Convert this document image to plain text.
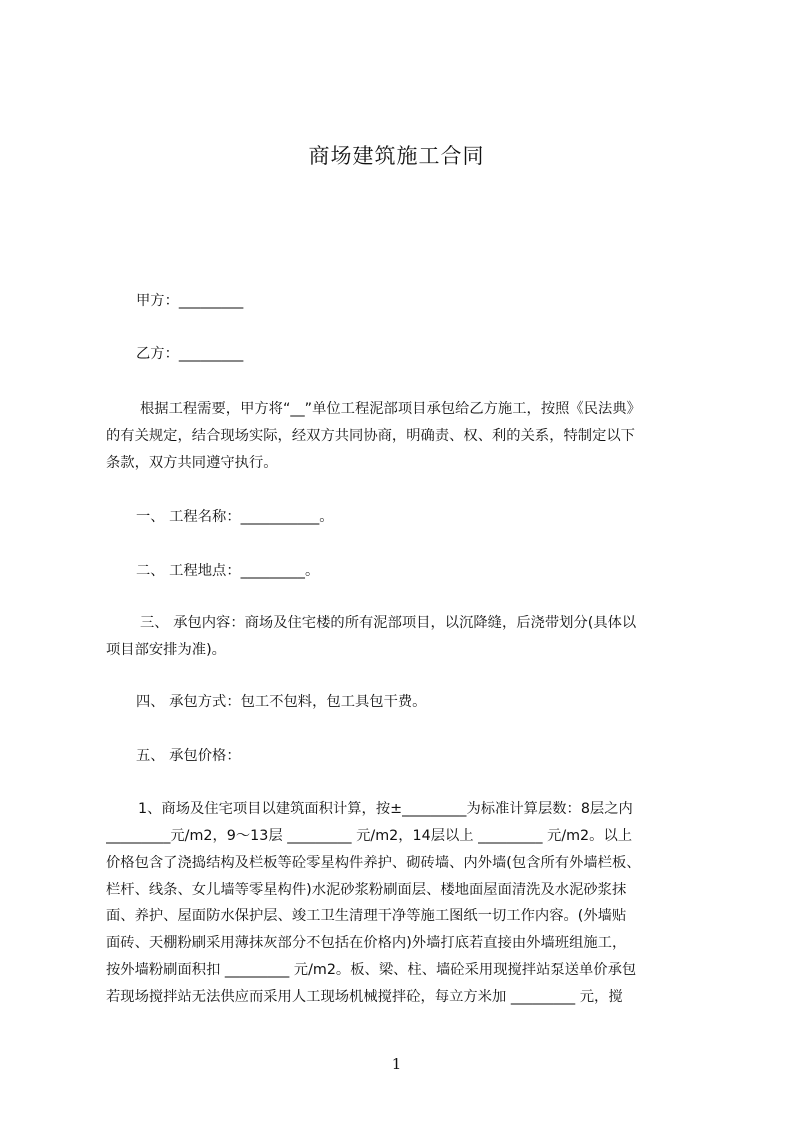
商场建筑施工合同
甲方：_________
乙方：_________
根据工程需要，甲方将“__”单位工程泥部项目承包给乙方施工，按照《民法典》
的有关规定，结合现场实际，经双方共同协商，明确责、权、利的关系，特制定以下
条款，双方共同遵守执行。
一、 工程名称：___________。
二、 工程地点：_________。
三、 承包内容：商场及住宅楼的所有泥部项目，以沉降缝，后浇带划分(具体以
项目部安排为准)。
四、 承包方式：包工不包料，包工具包干费。
五、 承包价格：
1、商场及住宅项目以建筑面积计算，按±_________为标准计算层数：8层之内
_________元/m2，9～13层 _________ 元/m2，14层以上 _________ 元/m2。以上
价格包含了浇捣结构及栏板等砼零星构件养护、砌砖墙、内外墙(包含所有外墙栏板、
栏杆、线条、女儿墙等零星构件)水泥砂浆粉刷面层、楼地面屋面清洗及水泥砂浆抹
面、养护、屋面防水保护层、竣工卫生清理干净等施工图纸一切工作内容。(外墙贴
面砖、天棚粉刷采用薄抹灰部分不包括在价格内)外墙打底若直接由外墙班组施工，
按外墙粉刷面积扣 _________ 元/m2。板、梁、柱、墙砼采用现搅拌站泵送单价承包
若现场搅拌站无法供应而采用人工现场机械搅拌砼，每立方米加 _________ 元，搅
1
